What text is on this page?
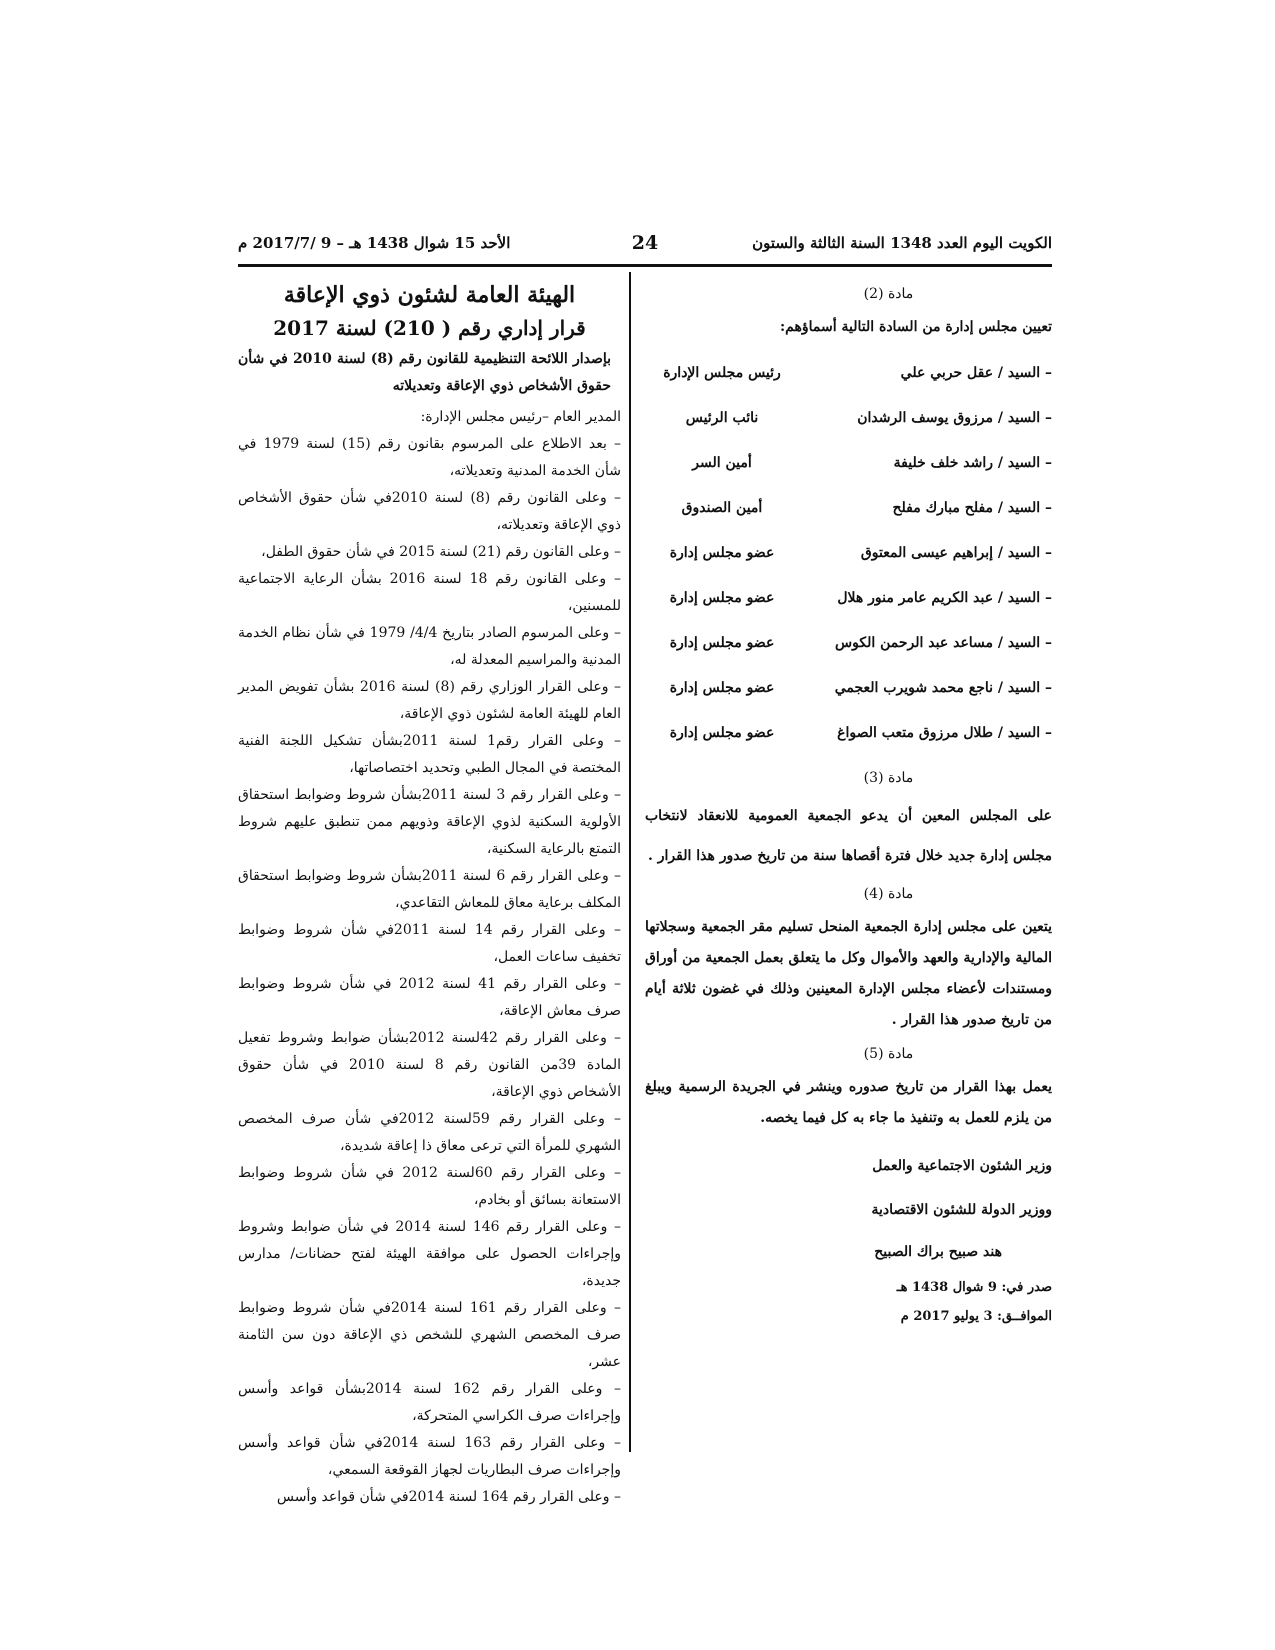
الكويت اليوم العدد 1348 السنة الثالثة والستون
24
الأحد 15 شوال 1438 هـ – 9 /2017/7 م
مادة (2)

تعيين مجلس إدارة من السادة التالية أسماؤهم:

– السيد / عقل حربي علي
رئيس مجلس الإدارة
– السيد / مرزوق يوسف الرشدان
نائب الرئيس
– السيد / راشد خلف خليفة
أمين السر
– السيد / مفلح مبارك مفلح
أمين الصندوق
– السيد / إبراهيم عيسى المعتوق
عضو مجلس إدارة
– السيد / عبد الكريم عامر منور هلال
عضو مجلس إدارة
– السيد / مساعد عبد الرحمن الكوس
عضو مجلس إدارة
– السيد / ناجع محمد شويرب العجمي
عضو مجلس إدارة
– السيد / طلال مرزوق متعب الصواغ
عضو مجلس إدارة
مادة (3)

على المجلس المعين أن يدعو الجمعية العمومية للانعقاد لانتخاب مجلس إدارة جديد خلال فترة أقصاها سنة من تاريخ صدور هذا القرار .

مادة (4)

يتعين على مجلس إدارة الجمعية المنحل تسليم مقر الجمعية وسجلاتها المالية والإدارية والعهد والأموال وكل ما يتعلق بعمل الجمعية من أوراق ومستندات لأعضاء مجلس الإدارة المعينين وذلك في غضون ثلاثة أيام من تاريخ صدور هذا القرار .

مادة (5)

يعمل بهذا القرار من تاريخ صدوره وينشر في الجريدة الرسمية ويبلغ من يلزم للعمل به وتنفيذ ما جاء به كل فيما يخصه.

وزير الشئون الاجتماعية والعمل
ووزير الدولة للشئون الاقتصادية
هند صبيح براك الصبيح
صدر في: 9 شوال 1438 هـ
الموافــق: 3 يوليو 2017 م
الهيئة العامة لشئون ذوي الإعاقة
قرار إداري رقم ( 210) لسنة 2017
بإصدار اللائحة التنظيمية للقانون رقم (8) لسنة 2010 في شأن حقوق الأشخاص ذوي الإعاقة وتعديلاته

المدير العام –رئيس مجلس الإدارة:

– بعد الاطلاع على المرسوم بقانون رقم (15) لسنة 1979 في شأن الخدمة المدنية وتعديلاته،

– وعلى القانون رقم (8) لسنة 2010في شأن حقوق الأشخاص ذوي الإعاقة وتعديلاته،

– وعلى القانون رقم (21) لسنة 2015 في شأن حقوق الطفل،

– وعلى القانون رقم 18 لسنة 2016 بشأن الرعاية الاجتماعية للمسنين،

– وعلى المرسوم الصادر بتاريخ 4/4/ 1979 في شأن نظام الخدمة المدنية والمراسيم المعدلة له،

– وعلى القرار الوزاري رقم (8) لسنة 2016 بشأن تفويض المدير العام للهيئة العامة لشئون ذوي الإعاقة،

– وعلى القرار رقم1 لسنة 2011بشأن تشكيل اللجنة الفنية المختصة في المجال الطبي وتحديد اختصاصاتها،

– وعلى القرار رقم 3 لسنة 2011بشأن شروط وضوابط استحقاق الأولوية السكنية لذوي الإعاقة وذويهم ممن تنطبق عليهم شروط التمتع بالرعاية السكنية،

– وعلى القرار رقم 6 لسنة 2011بشأن شروط وضوابط استحقاق المكلف برعاية معاق للمعاش التقاعدي،

– وعلى القرار رقم 14 لسنة 2011في شأن شروط وضوابط تخفيف ساعات العمل،

– وعلى القرار رقم 41 لسنة 2012 في شأن شروط وضوابط صرف معاش الإعاقة،

– وعلى القرار رقم 42لسنة 2012بشأن ضوابط وشروط تفعيل المادة 39من القانون رقم 8 لسنة 2010 في شأن حقوق الأشخاص ذوي الإعاقة،

– وعلى القرار رقم 59لسنة 2012في شأن صرف المخصص الشهري للمرأة التي ترعى معاق ذا إعاقة شديدة،

– وعلى القرار رقم 60لسنة 2012 في شأن شروط وضوابط الاستعانة بسائق أو بخادم،

– وعلى القرار رقم 146 لسنة 2014 في شأن ضوابط وشروط وإجراءات الحصول على موافقة الهيئة لفتح حضانات/ مدارس جديدة،

– وعلى القرار رقم 161 لسنة 2014في شأن شروط وضوابط صرف المخصص الشهري للشخص ذي الإعاقة دون سن الثامنة عشر،

– وعلى القرار رقم 162 لسنة 2014بشأن قواعد وأسس وإجراءات صرف الكراسي المتحركة،

– وعلى القرار رقم 163 لسنة 2014في شأن قواعد وأسس وإجراءات صرف البطاريات لجهاز القوقعة السمعي،

– وعلى القرار رقم 164 لسنة 2014في شأن قواعد وأسس
